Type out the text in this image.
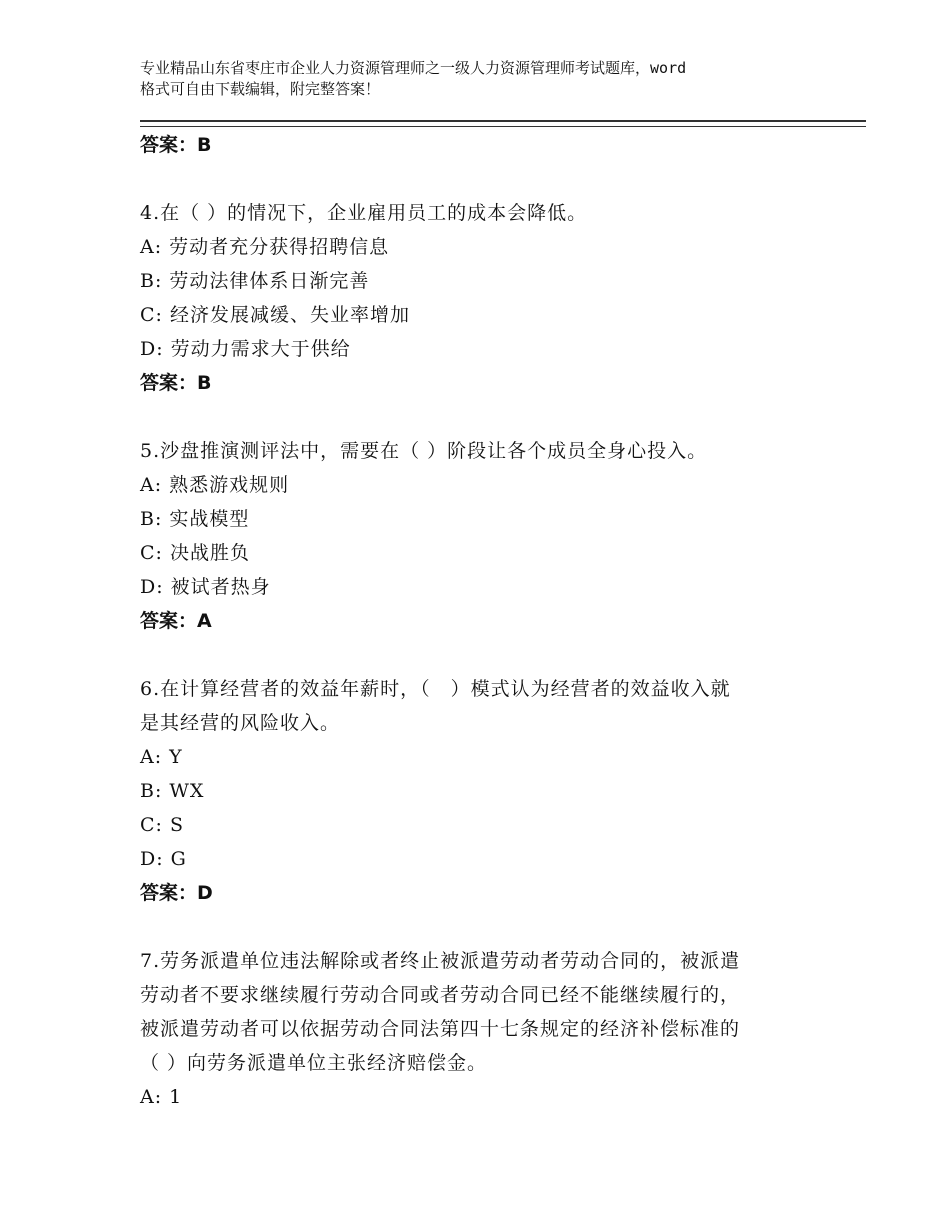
专业精品山东省枣庄市企业人力资源管理师之一级人力资源管理师考试题库，word
格式可自由下载编辑，附完整答案！
答案：B
4.在（ ）的情况下，企业雇用员工的成本会降低。
A: 劳动者充分获得招聘信息
B: 劳动法律体系日渐完善
C: 经济发展减缓、失业率增加
D: 劳动力需求大于供给
答案：B
5.沙盘推演测评法中，需要在（ ）阶段让各个成员全身心投入。
A: 熟悉游戏规则
B: 实战模型
C: 决战胜负
D: 被试者热身
答案：A
6.在计算经营者的效益年薪时，（　）模式认为经营者的效益收入就
是其经营的风险收入。
A: Y
B: WX
C: S
D: G
答案：D
7.劳务派遣单位违法解除或者终止被派遣劳动者劳动合同的，被派遣
劳动者不要求继续履行劳动合同或者劳动合同已经不能继续履行的，
被派遣劳动者可以依据劳动合同法第四十七条规定的经济补偿标准的
（ ）向劳务派遣单位主张经济赔偿金。
A: 1
